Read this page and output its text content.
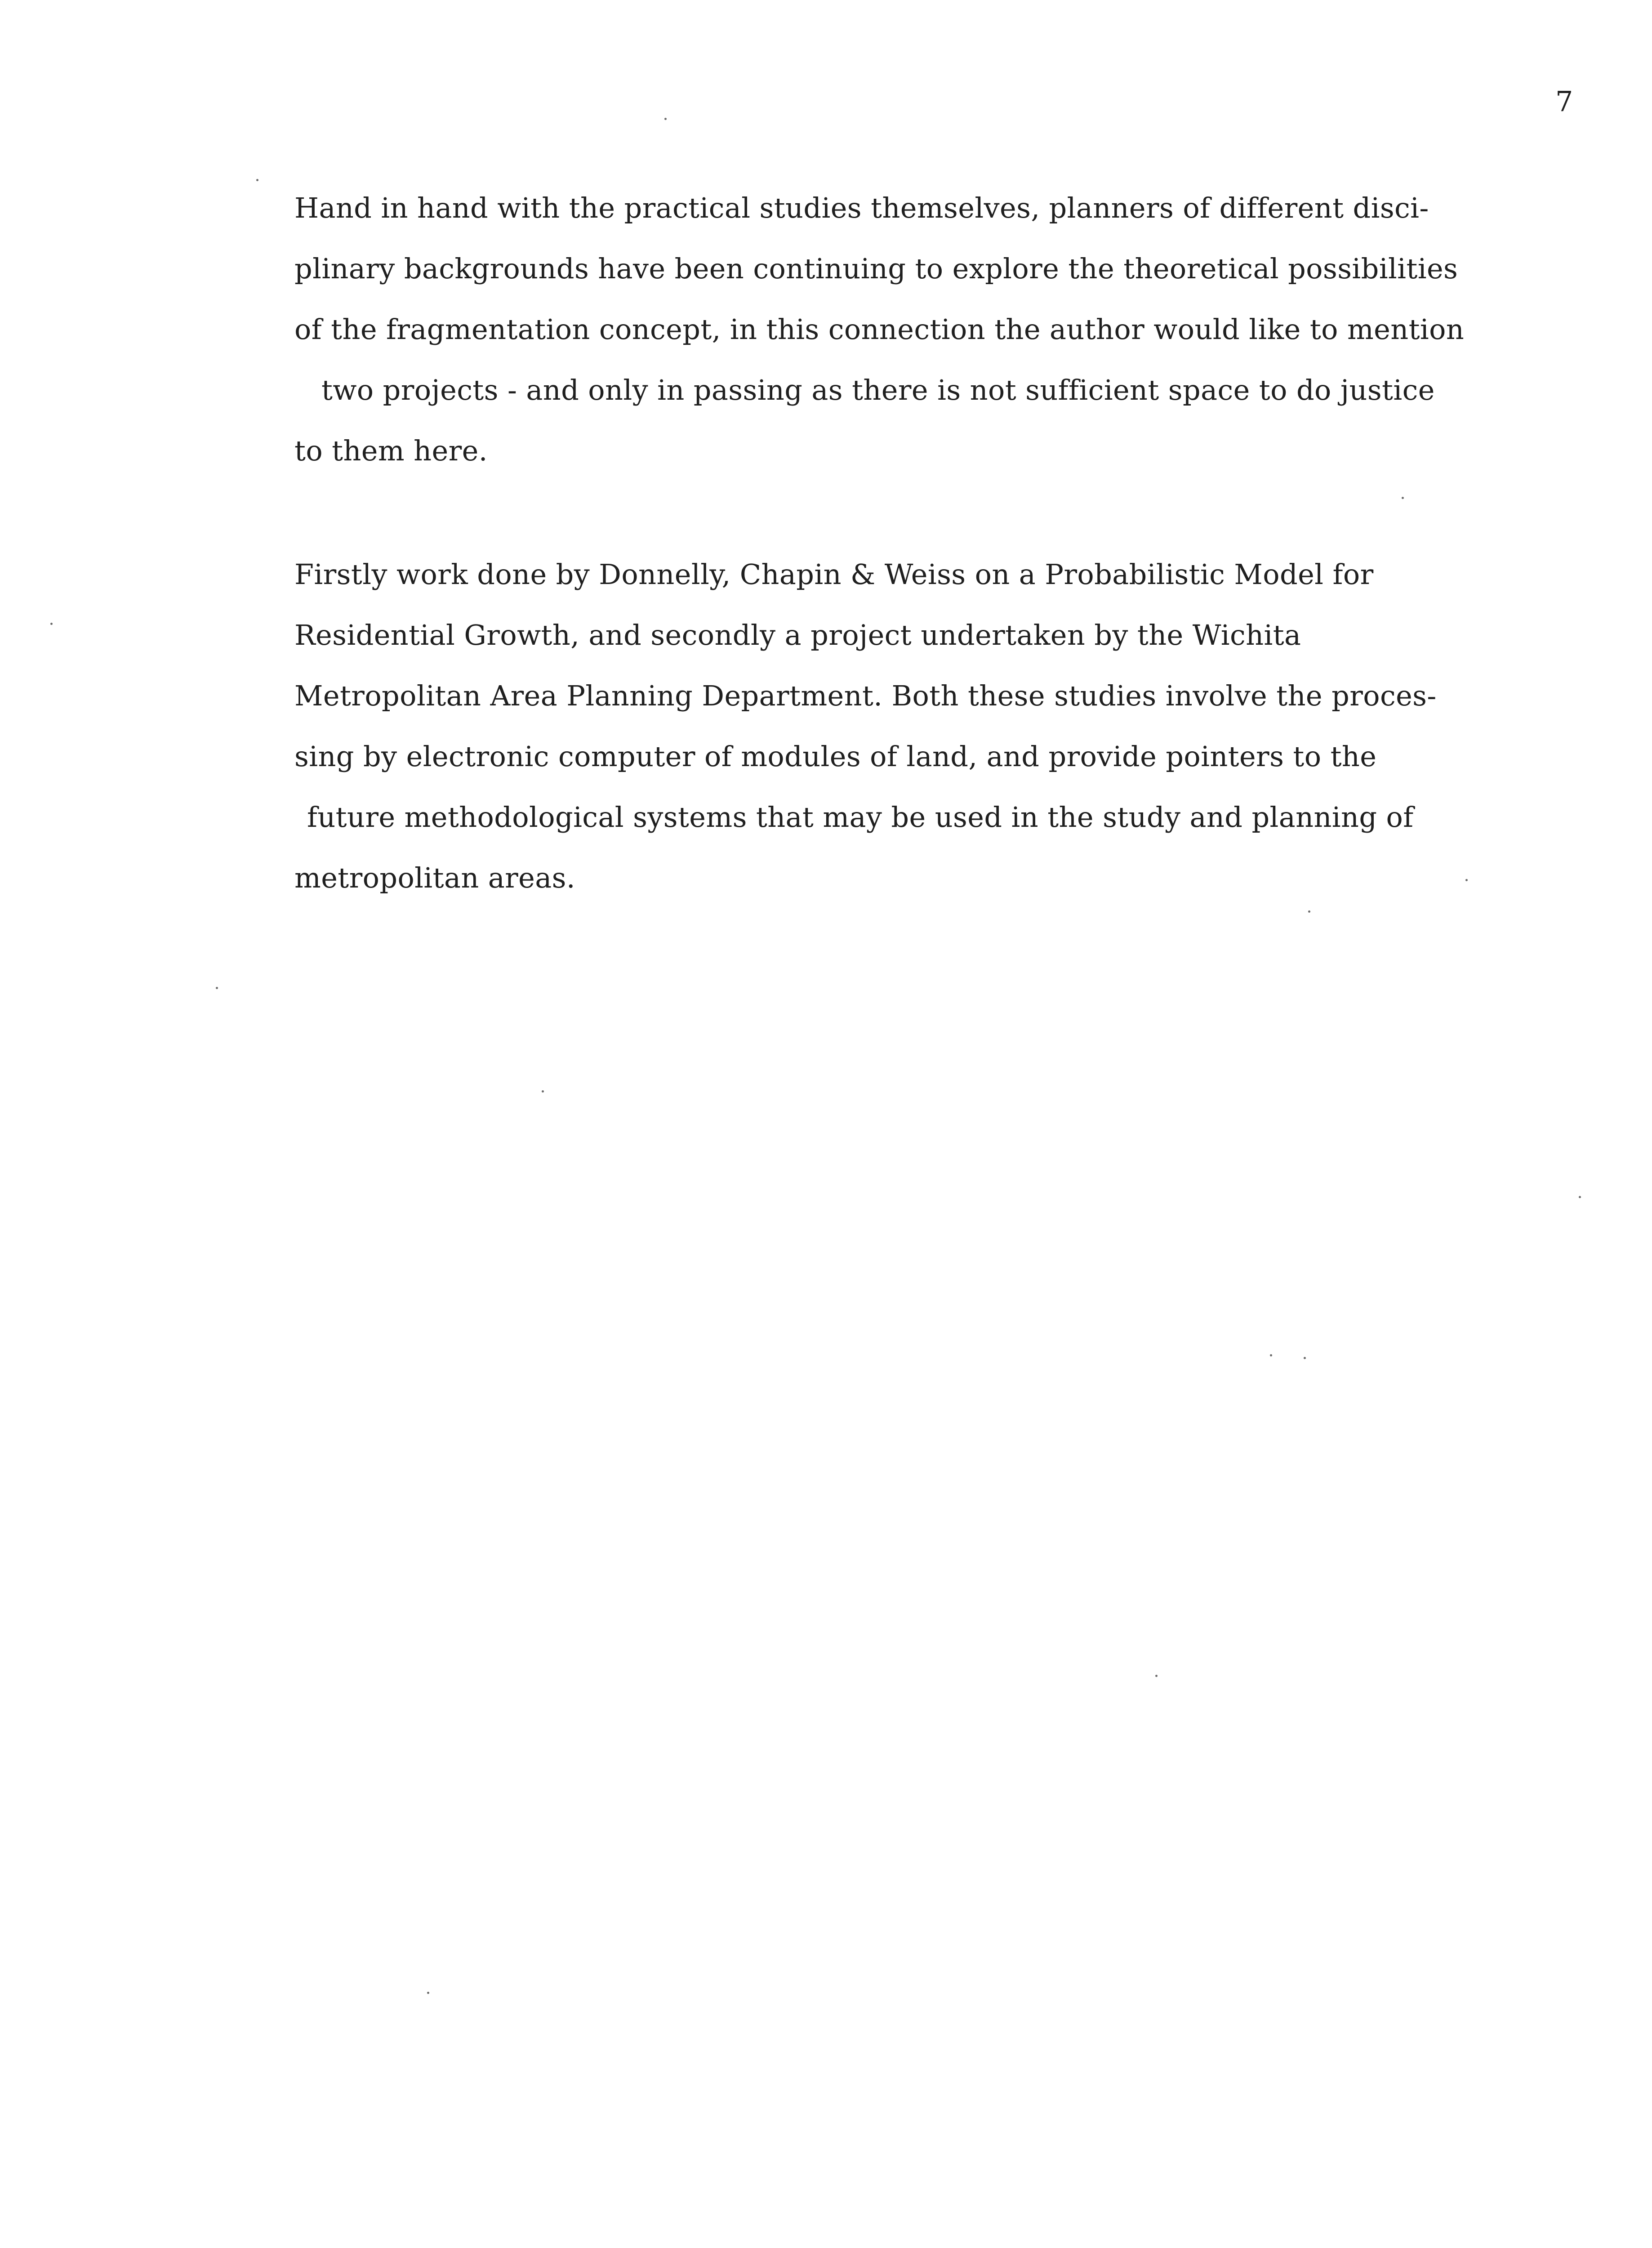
7
Hand in hand with the practical studies themselves, planners of different disci-
plinary backgrounds have been continuing to explore the theoretical possibilities
of the fragmentation concept, in this connection the author would like to mention
two projects - and only in passing as there is not sufficient space to do justice
to them here.
Firstly work done by Donnelly, Chapin & Weiss on a Probabilistic Model for
Residential Growth, and secondly a project undertaken by the Wichita
Metropolitan Area Planning Department. Both these studies involve the proces-
sing by electronic computer of modules of land, and provide pointers to the
future methodological systems that may be used in the study and planning of
metropolitan areas.
